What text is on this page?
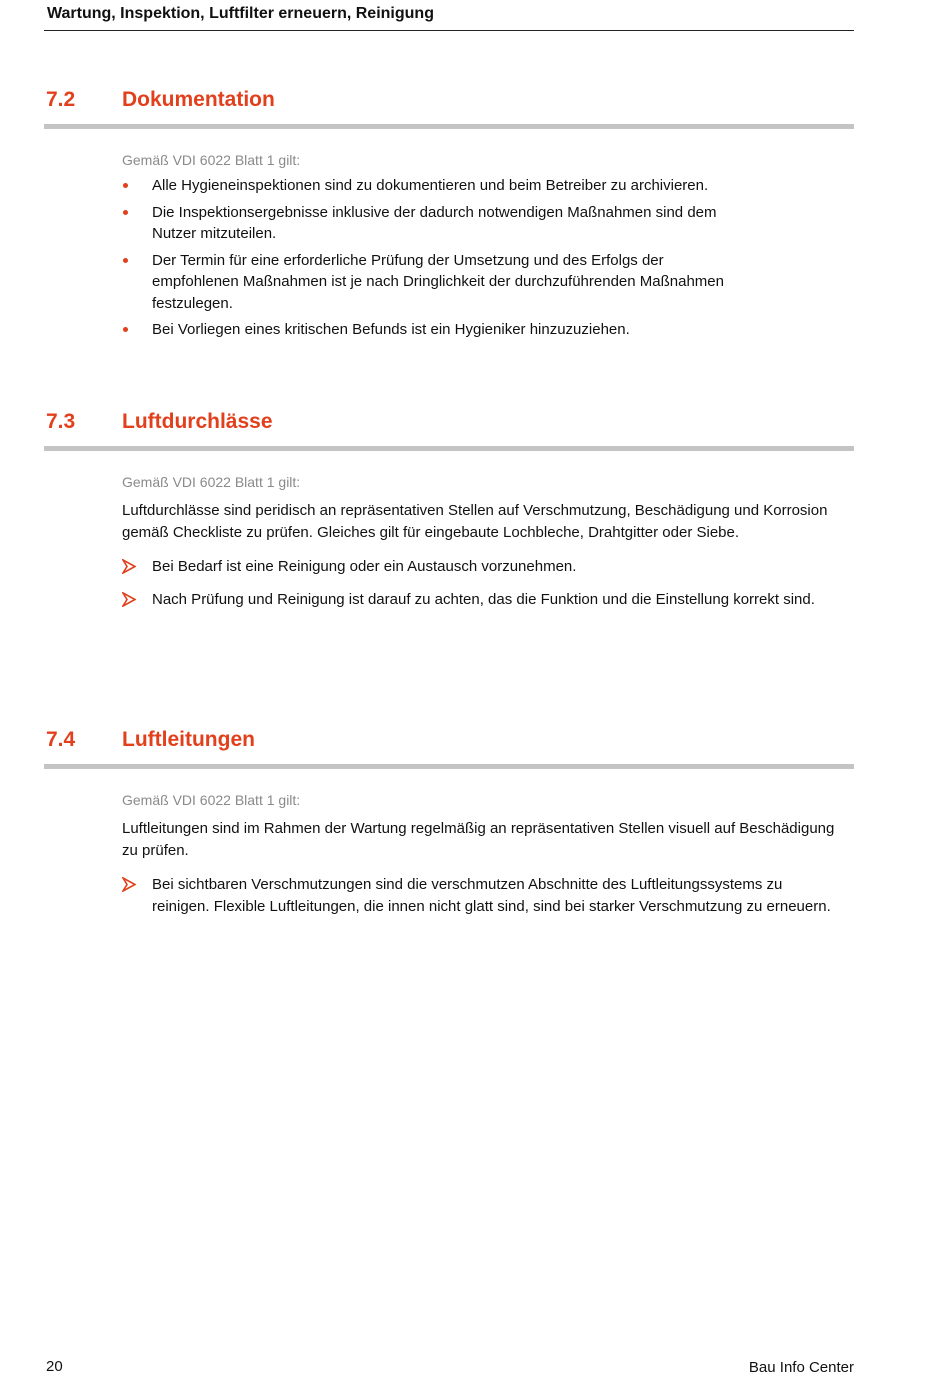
Wartung, Inspektion, Luftfilter erneuern, Reinigung
7.2 Dokumentation
Gemäß VDI 6022 Blatt 1 gilt:
Alle Hygieneinspektionen sind zu dokumentieren und beim Betreiber zu archivieren.
Die Inspektionsergebnisse inklusive der dadurch notwendigen Maßnahmen sind dem Nutzer mitzuteilen.
Der Termin für eine erforderliche Prüfung der Umsetzung und des Erfolgs der empfohlenen Maßnahmen ist je nach Dringlichkeit der durchzuführenden Maßnahmen festzulegen.
Bei Vorliegen eines kritischen Befunds ist ein Hygieniker hinzuzuziehen.
7.3 Luftdurchlässe
Gemäß VDI 6022 Blatt 1 gilt:

Luftdurchlässe sind peridisch an repräsentativen Stellen auf Verschmutzung, Beschädigung und Korrosion gemäß Checkliste zu prüfen. Gleiches gilt für eingebaute Lochbleche, Drahtgitter oder Siebe.

Bei Bedarf ist eine Reinigung oder ein Austausch vorzunehmen.
Nach Prüfung und Reinigung ist darauf zu achten, das die Funktion und die Einstellung korrekt sind.
7.4 Luftleitungen
Gemäß VDI 6022 Blatt 1 gilt:

Luftleitungen sind im Rahmen der Wartung regelmäßig an repräsentativen Stellen visuell auf Beschädigung zu prüfen.

Bei sichtbaren Verschmutzungen sind die verschmutzen Abschnitte des Luftleitungssystems zu reinigen. Flexible Luftleitungen, die innen nicht glatt sind, sind bei starker Verschmutzung zu erneuern.
20	Bau Info Center
